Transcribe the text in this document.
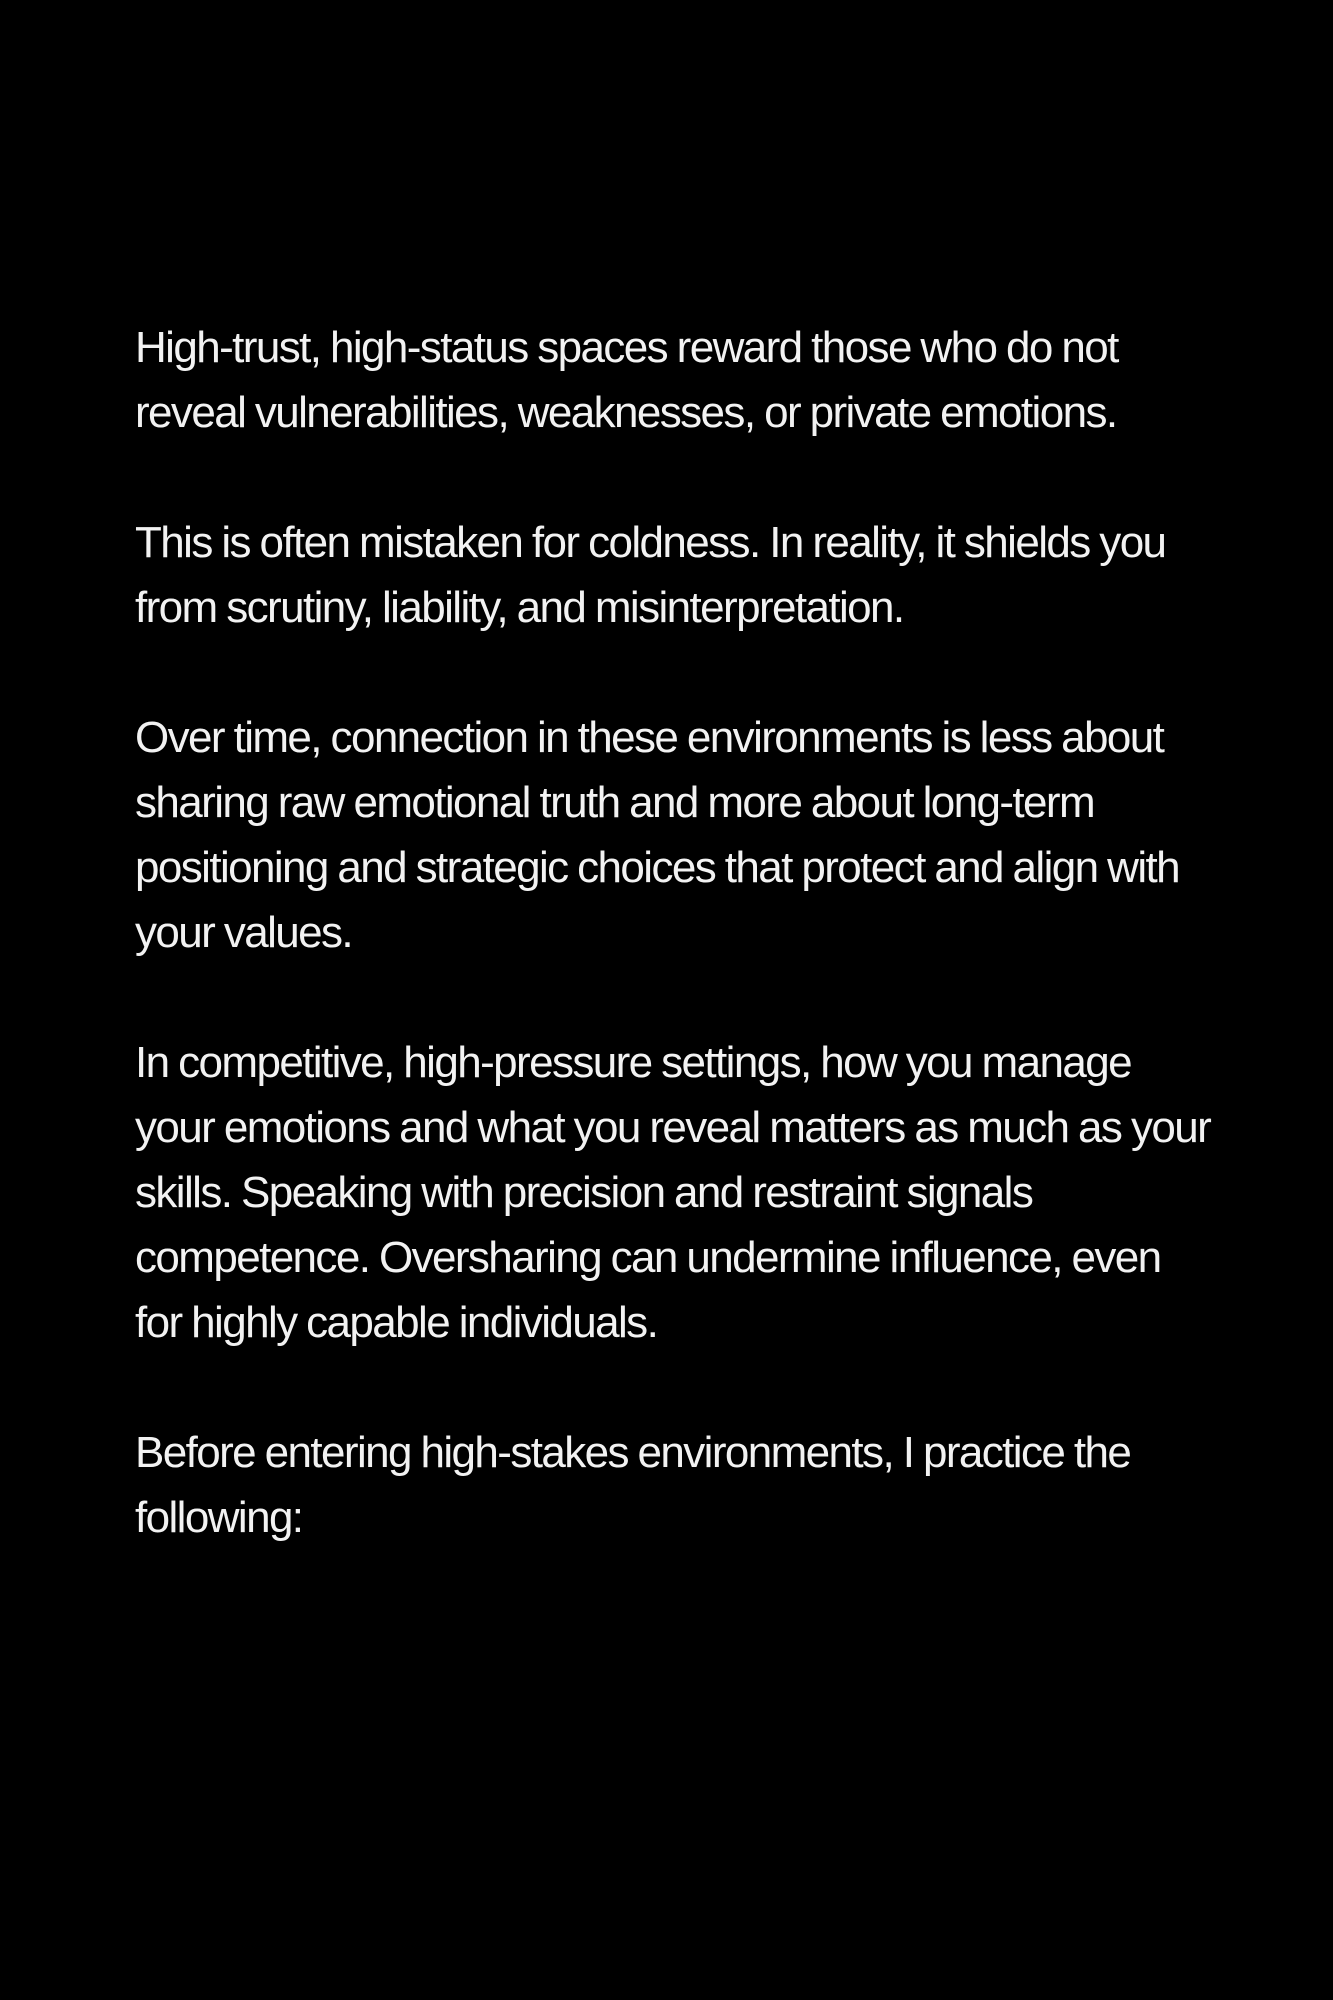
High-trust, high-status spaces reward those who do not reveal vulnerabilities, weaknesses, or private emotions.

This is often mistaken for coldness. In reality, it shields you from scrutiny, liability, and misinterpretation.

Over time, connection in these environments is less about sharing raw emotional truth and more about long-term positioning and strategic choices that protect and align with your values.

In competitive, high-pressure settings, how you manage your emotions and what you reveal matters as much as your skills. Speaking with precision and restraint signals competence. Oversharing can undermine influence, even for highly capable individuals.

Before entering high-stakes environments, I practice the following:
